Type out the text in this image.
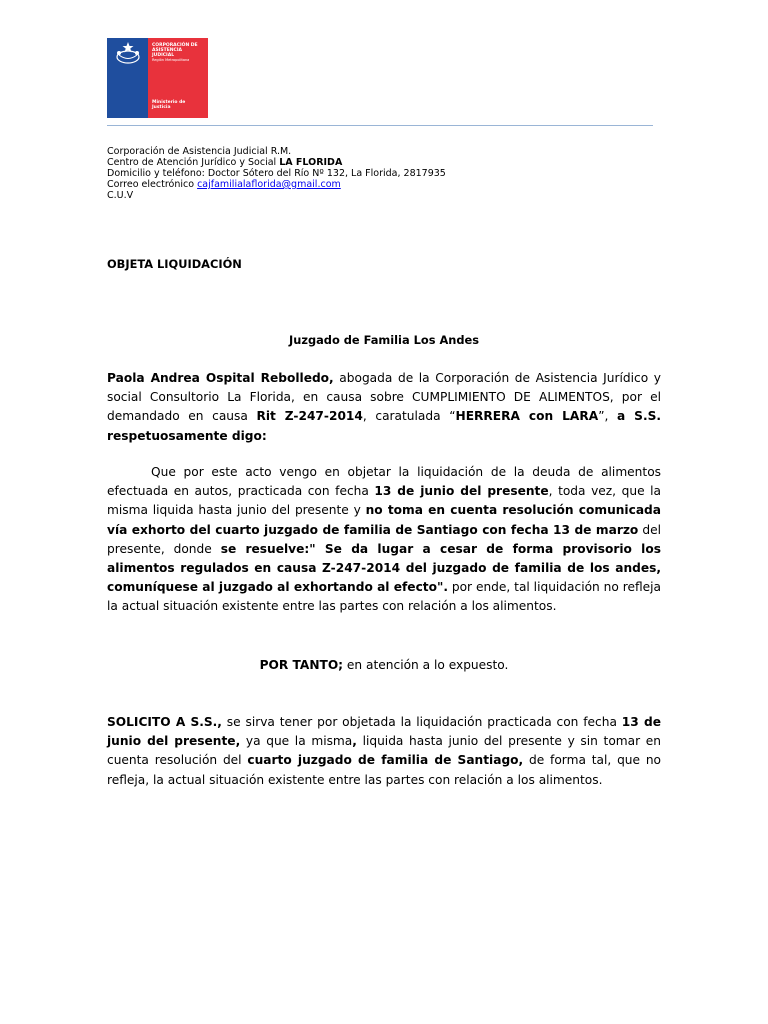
CORPORACIÓN DE
ASISTENCIA
JUDICIAL
Región Metropolitana
Ministerio de
Justicia
Corporación de Asistencia Judicial R.M.
Centro de Atención Jurídico y Social LA FLORIDA
Domicilio y teléfono: Doctor Sótero del Río Nº 132, La Florida, 2817935
Correo electrónico cajfamilialaflorida@gmail.com
C.U.V
OBJETA LIQUIDACIÓN
Juzgado de Familia Los Andes
Paola Andrea Ospital Rebolledo, abogada de la Corporación de Asistencia Jurídico y social Consultorio La Florida, en causa sobre CUMPLIMIENTO DE ALIMENTOS, por el demandado en causa Rit Z-247-2014, caratulada “HERRERA con LARA”, a S.S. respetuosamente digo:
Que por este acto vengo en objetar la liquidación de la deuda de alimentos efectuada en autos, practicada con fecha 13 de junio del presente, toda vez, que la misma liquida hasta junio del presente y no toma en cuenta resolución comunicada vía exhorto del cuarto juzgado de familia de Santiago con fecha 13 de marzo del presente, donde se resuelve:" Se da lugar a cesar de forma provisorio los alimentos regulados en causa Z-247-2014 del juzgado de familia de los andes, comuníquese al juzgado al exhortando al efecto". por ende, tal liquidación no refleja la actual situación existente entre las partes con relación a los alimentos.
POR TANTO; en atención a lo expuesto.
SOLICITO A S.S., se sirva tener por objetada la liquidación practicada con fecha 13 de junio del presente, ya que la misma, liquida hasta junio del presente y sin tomar en cuenta resolución del cuarto juzgado de familia de Santiago, de forma tal, que no refleja, la actual situación existente entre las partes con relación a los alimentos.
